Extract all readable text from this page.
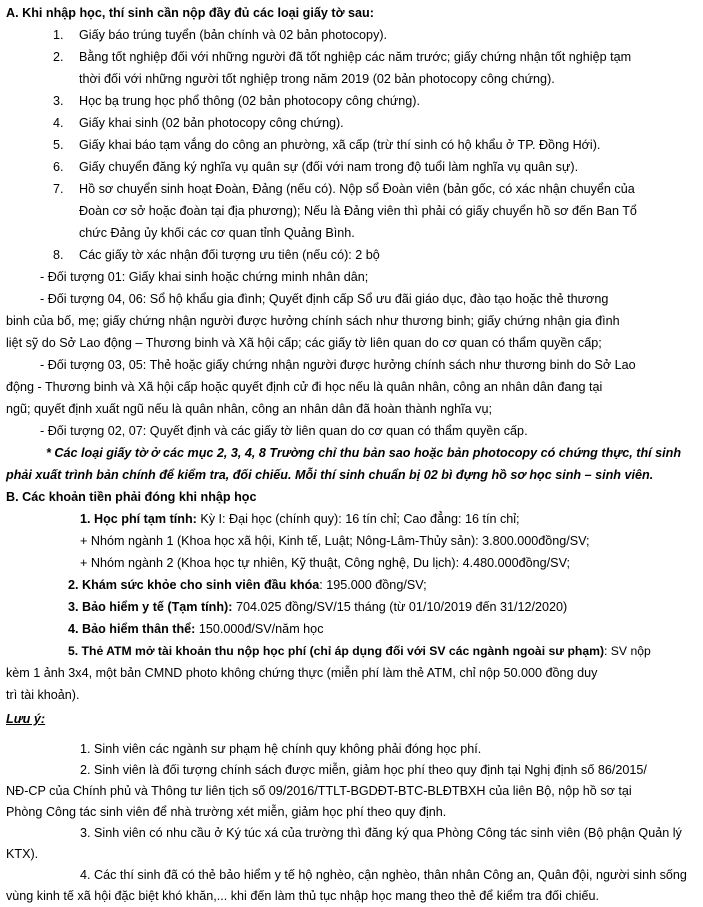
A. Khi nhập học, thí sinh cần nộp đầy đủ các loại giấy tờ sau:
1. Giấy báo trúng tuyển (bản chính và 02 bản photocopy).
2. Bằng tốt nghiệp đối với những người đã tốt nghiệp các năm trước; giấy chứng nhận tốt nghiệp tạm
thời đối với những người tốt nghiệp trong năm 2019 (02 bản photocopy công chứng).
3. Học bạ trung học phổ thông (02 bản photocopy công chứng).
4. Giấy khai sinh (02 bản photocopy công chứng).
5. Giấy khai báo tạm vắng do công an phường, xã cấp (trừ thí sinh có hộ khẩu ở TP. Đồng Hới).
6. Giấy chuyển đăng ký nghĩa vụ quân sự (đối với nam trong độ tuổi làm nghĩa vụ quân sự).
7. Hồ sơ chuyển sinh hoạt Đoàn, Đảng (nếu có). Nộp sổ Đoàn viên (bản gốc, có xác nhận chuyển của
Đoàn cơ sở hoặc đoàn tại địa phương); Nếu là Đảng viên thì phải có giấy chuyển hồ sơ đến Ban Tổ
chức Đảng ủy khối các cơ quan tỉnh Quảng Bình.
8. Các giấy tờ xác nhận đối tượng ưu tiên (nếu có): 2 bộ
- Đối tượng 01: Giấy khai sinh hoặc chứng minh nhân dân;
- Đối tượng 04, 06: Sổ hộ khẩu gia đình; Quyết định cấp Sổ ưu đãi giáo dục, đào tạo hoặc thẻ thương
binh của bố, mẹ; giấy chứng nhận người được hưởng chính sách như thương binh; giấy chứng nhận gia đình
liệt sỹ do Sở Lao động – Thương binh và Xã hội cấp; các giấy tờ liên quan do cơ quan có thẩm quyền cấp;
- Đối tượng 03, 05: Thẻ hoặc giấy chứng nhận người được hưởng chính sách như thương binh do Sở Lao
động - Thương binh và Xã hội cấp hoặc quyết định cử đi học nếu là quân nhân, công an nhân dân đang tại
ngũ; quyết định xuất ngũ nếu là quân nhân, công an nhân dân đã hoàn thành nghĩa vụ;
- Đối tượng 02, 07: Quyết định và các giấy tờ liên quan do cơ quan có thẩm quyền cấp.
* Các loại giấy tờ ở các mục 2, 3, 4, 8 Trường chỉ thu bản sao hoặc bản photocopy có chứng thực, thí sinh
phải xuất trình bản chính để kiểm tra, đối chiếu. Mỗi thí sinh chuẩn bị 02 bì đựng hồ sơ học sinh – sinh viên.
B. Các khoản tiền phải đóng khi nhập học
1. Học phí tạm tính: Kỳ I: Đại học (chính quy): 16 tín chỉ; Cao đẳng: 16 tín chỉ;
+ Nhóm ngành 1 (Khoa học xã hội, Kinh tế, Luật; Nông-Lâm-Thủy sản): 3.800.000đồng/SV;
+ Nhóm ngành 2 (Khoa học tự nhiên, Kỹ thuật, Công nghệ, Du lịch): 4.480.000đồng/SV;
2. Khám sức khỏe cho sinh viên đầu khóa: 195.000 đồng/SV;
3. Bảo hiểm y tế (Tạm tính): 704.025 đồng/SV/15 tháng (từ 01/10/2019 đến 31/12/2020)
4. Bảo hiểm thân thể: 150.000đ/SV/năm học
5. Thẻ ATM mở tài khoản thu nộp học phí (chỉ áp dụng đối với SV các ngành ngoài sư phạm): SV nộp
kèm 1 ảnh 3x4, một bản CMND photo không chứng thực (miễn phí làm thẻ ATM, chỉ nộp 50.000 đồng duy
trì tài khoản).
Lưu ý:
1. Sinh viên các ngành sư phạm hệ chính quy không phải đóng học phí.
2. Sinh viên là đối tượng chính sách được miễn, giảm học phí theo quy định tại Nghị định số 86/2015/
NĐ-CP của Chính phủ và Thông tư liên tịch số 09/2016/TTLT-BGDĐT-BTC-BLĐTBXH của liên Bộ, nộp hồ sơ tại
Phòng Công tác sinh viên để nhà trường xét miễn, giảm học phí theo quy định.
3. Sinh viên có nhu cầu ở Ký túc xá của trường thì đăng ký qua Phòng Công tác sinh viên (Bộ phận Quản lý
KTX).
4. Các thí sinh đã có thẻ bảo hiểm y tế hộ nghèo, cận nghèo, thân nhân Công an, Quân đội, người sinh sống
vùng kinh tế xã hội đặc biệt khó khăn,... khi đến làm thủ tục nhập học mang theo thẻ để kiểm tra đối chiếu.
